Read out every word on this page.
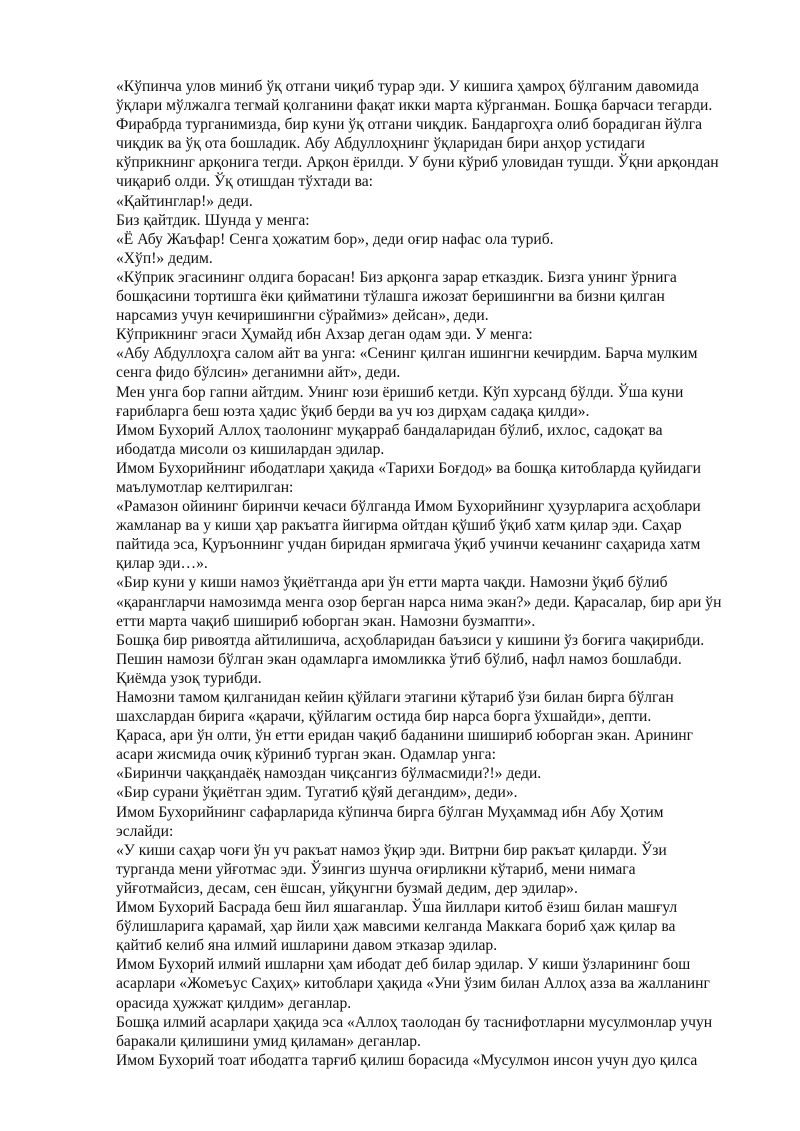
«Кўпинча улов миниб ўқ отгани чиқиб турар эди. У кишига ҳамроҳ бўлганим давомида
ўқлари мўлжалга тегмай қолганини фақат икки марта кўрганман. Бошқа барчаси тегарди.
Фирабрда турганимизда, бир куни ўқ отгани чиқдик. Бандаргоҳга олиб борадиган йўлга
чиқдик ва ўқ ота бошладик. Абу Абдуллоҳнинг ўқларидан бири анҳор устидаги
кўприкнинг арқонига тегди. Арқон ёрилди. У буни кўриб уловидан тушди. Ўқни арқондан
чиқариб олди. Ўқ отишдан тўхтади ва:

«Қайтинглар!» деди.

Биз қайтдик. Шунда у менга:

«Ё Абу Жаъфар! Сенга ҳожатим бор», деди оғир нафас ола туриб.

«Хўп!» дедим.

«Кўприк эгасининг олдига борасан! Биз арқонга зарар етказдик. Бизга унинг ўрнига
бошқасини тортишга ёки қийматини тўлашга ижозат беришингни ва бизни қилган
нарсамиз учун кечиришингни сўраймиз» дейсан», деди.

Кўприкнинг эгаси Ҳумайд ибн Ахзар деган одам эди. У менга:

«Абу Абдуллоҳга салом айт ва унга: «Сенинг қилган ишингни кечирдим. Барча мулким
сенга фидо бўлсин» деганимни айт», деди.

Мен унга бор гапни айтдим. Унинг юзи ёришиб кетди. Кўп хурсанд бўлди. Ўша куни
ғарибларга беш юзта ҳадис ўқиб берди ва уч юз дирҳам садақа қилди».

Имом Бухорий Аллоҳ таолонинг муқарраб бандаларидан бўлиб, ихлос, садоқат ва
ибодатда мисоли оз кишилардан эдилар.

Имом Бухорийнинг ибодатлари ҳақида «Тарихи Боғдод» ва бошқа китобларда қуйидаги
маълумотлар келтирилган:

«Рамазон ойининг биринчи кечаси бўлганда Имом Бухорийнинг ҳузурларига асҳоблари
жамланар ва у киши ҳар ракъатга йигирма ойтдан қўшиб ўқиб хатм қилар эди. Саҳар
пайтида эса, Қуръоннинг учдан биридан ярмигача ўқиб учинчи кечанинг саҳарида хатм
қилар эди…».

«Бир куни у киши намоз ўқиётганда ари ўн етти марта чақди. Намозни ўқиб бўлиб
«қарангларчи намозимда менга озор берган нарса нима экан?» деди. Қарасалар, бир ари ўн
етти марта чақиб шишириб юборган экан. Намозни бузмапти».

Бошқа бир ривоятда айтилишича, асҳобларидан баъзиси у кишини ўз боғига чақирибди.
Пешин намози бўлган экан одамларга имомликка ўтиб бўлиб, нафл намоз бошлабди.
Қиёмда узоқ турибди.

Намозни тамом қилганидан кейин қўйлаги этагини кўтариб ўзи билан бирга бўлган
шахслардан бирига «қарачи, қўйлагим остида бир нарса борга ўхшайди», депти.

Қараса, ари ўн олти, ўн етти еридан чақиб баданини шишириб юборган экан. Арининг
асари жисмида очиқ кўриниб турган экан. Одамлар унга:

«Биринчи чаққандаёқ намоздан чиқсангиз бўлмасмиди?!» деди.

«Бир сурани ўқиётган эдим. Тугатиб қўяй дегандим», деди».

Имом Бухорийнинг сафарларида кўпинча бирга бўлган Муҳаммад ибн Абу Ҳотим
эслайди:

«У киши саҳар чоғи ўн уч ракъат намоз ўқир эди. Витрни бир ракъат қиларди. Ўзи
турганда мени уйғотмас эди. Ўзингиз шунча оғирликни кўтариб, мени нимага
уйғотмайсиз, десам, сен ёшсан, уйқунгни бузмай дедим, дер эдилар».

Имом Бухорий Басрада беш йил яшаганлар. Ўша йиллари китоб ёзиш билан машғул
бўлишларига қарамай, ҳар йили ҳаж мавсими келганда Маккага бориб ҳаж қилар ва
қайтиб келиб яна илмий ишларини давом этказар эдилар.

Имом Бухорий илмий ишларни ҳам ибодат деб билар эдилар. У киши ўзларининг бош
асарлари «Жомеъус Саҳиҳ» китоблари ҳақида «Уни ўзим билан Аллоҳ азза ва жалланинг
орасида ҳужжат қилдим» деганлар.

Бошқа илмий асарлари ҳақида эса «Аллоҳ таолодан бу таснифотларни мусулмонлар учун
баракали қилишини умид қиламан» деганлар.

Имом Бухорий тоат ибодатга тарғиб қилиш борасида «Мусулмон инсон учун дуо қилса
